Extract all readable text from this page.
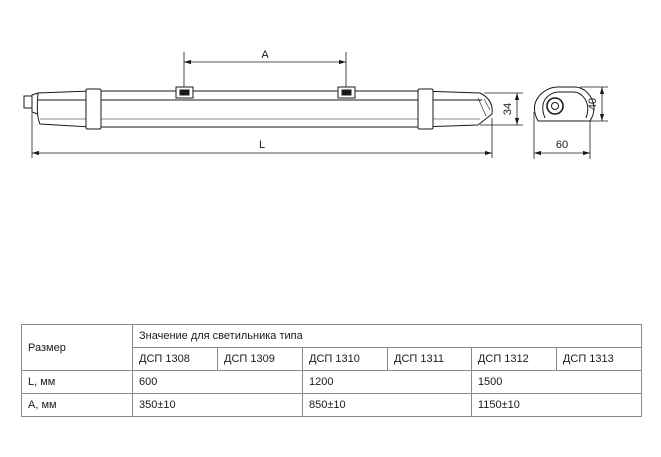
A
L
34	40
60
Размер	Значение для светильника типа					
	ДСП 1308	ДСП 1309	ДСП 1310	ДСП 1311	ДСП 1312	ДСП 1313
L, мм	600		1200		1500	
A, мм	350±10		850±10		1150±10	
